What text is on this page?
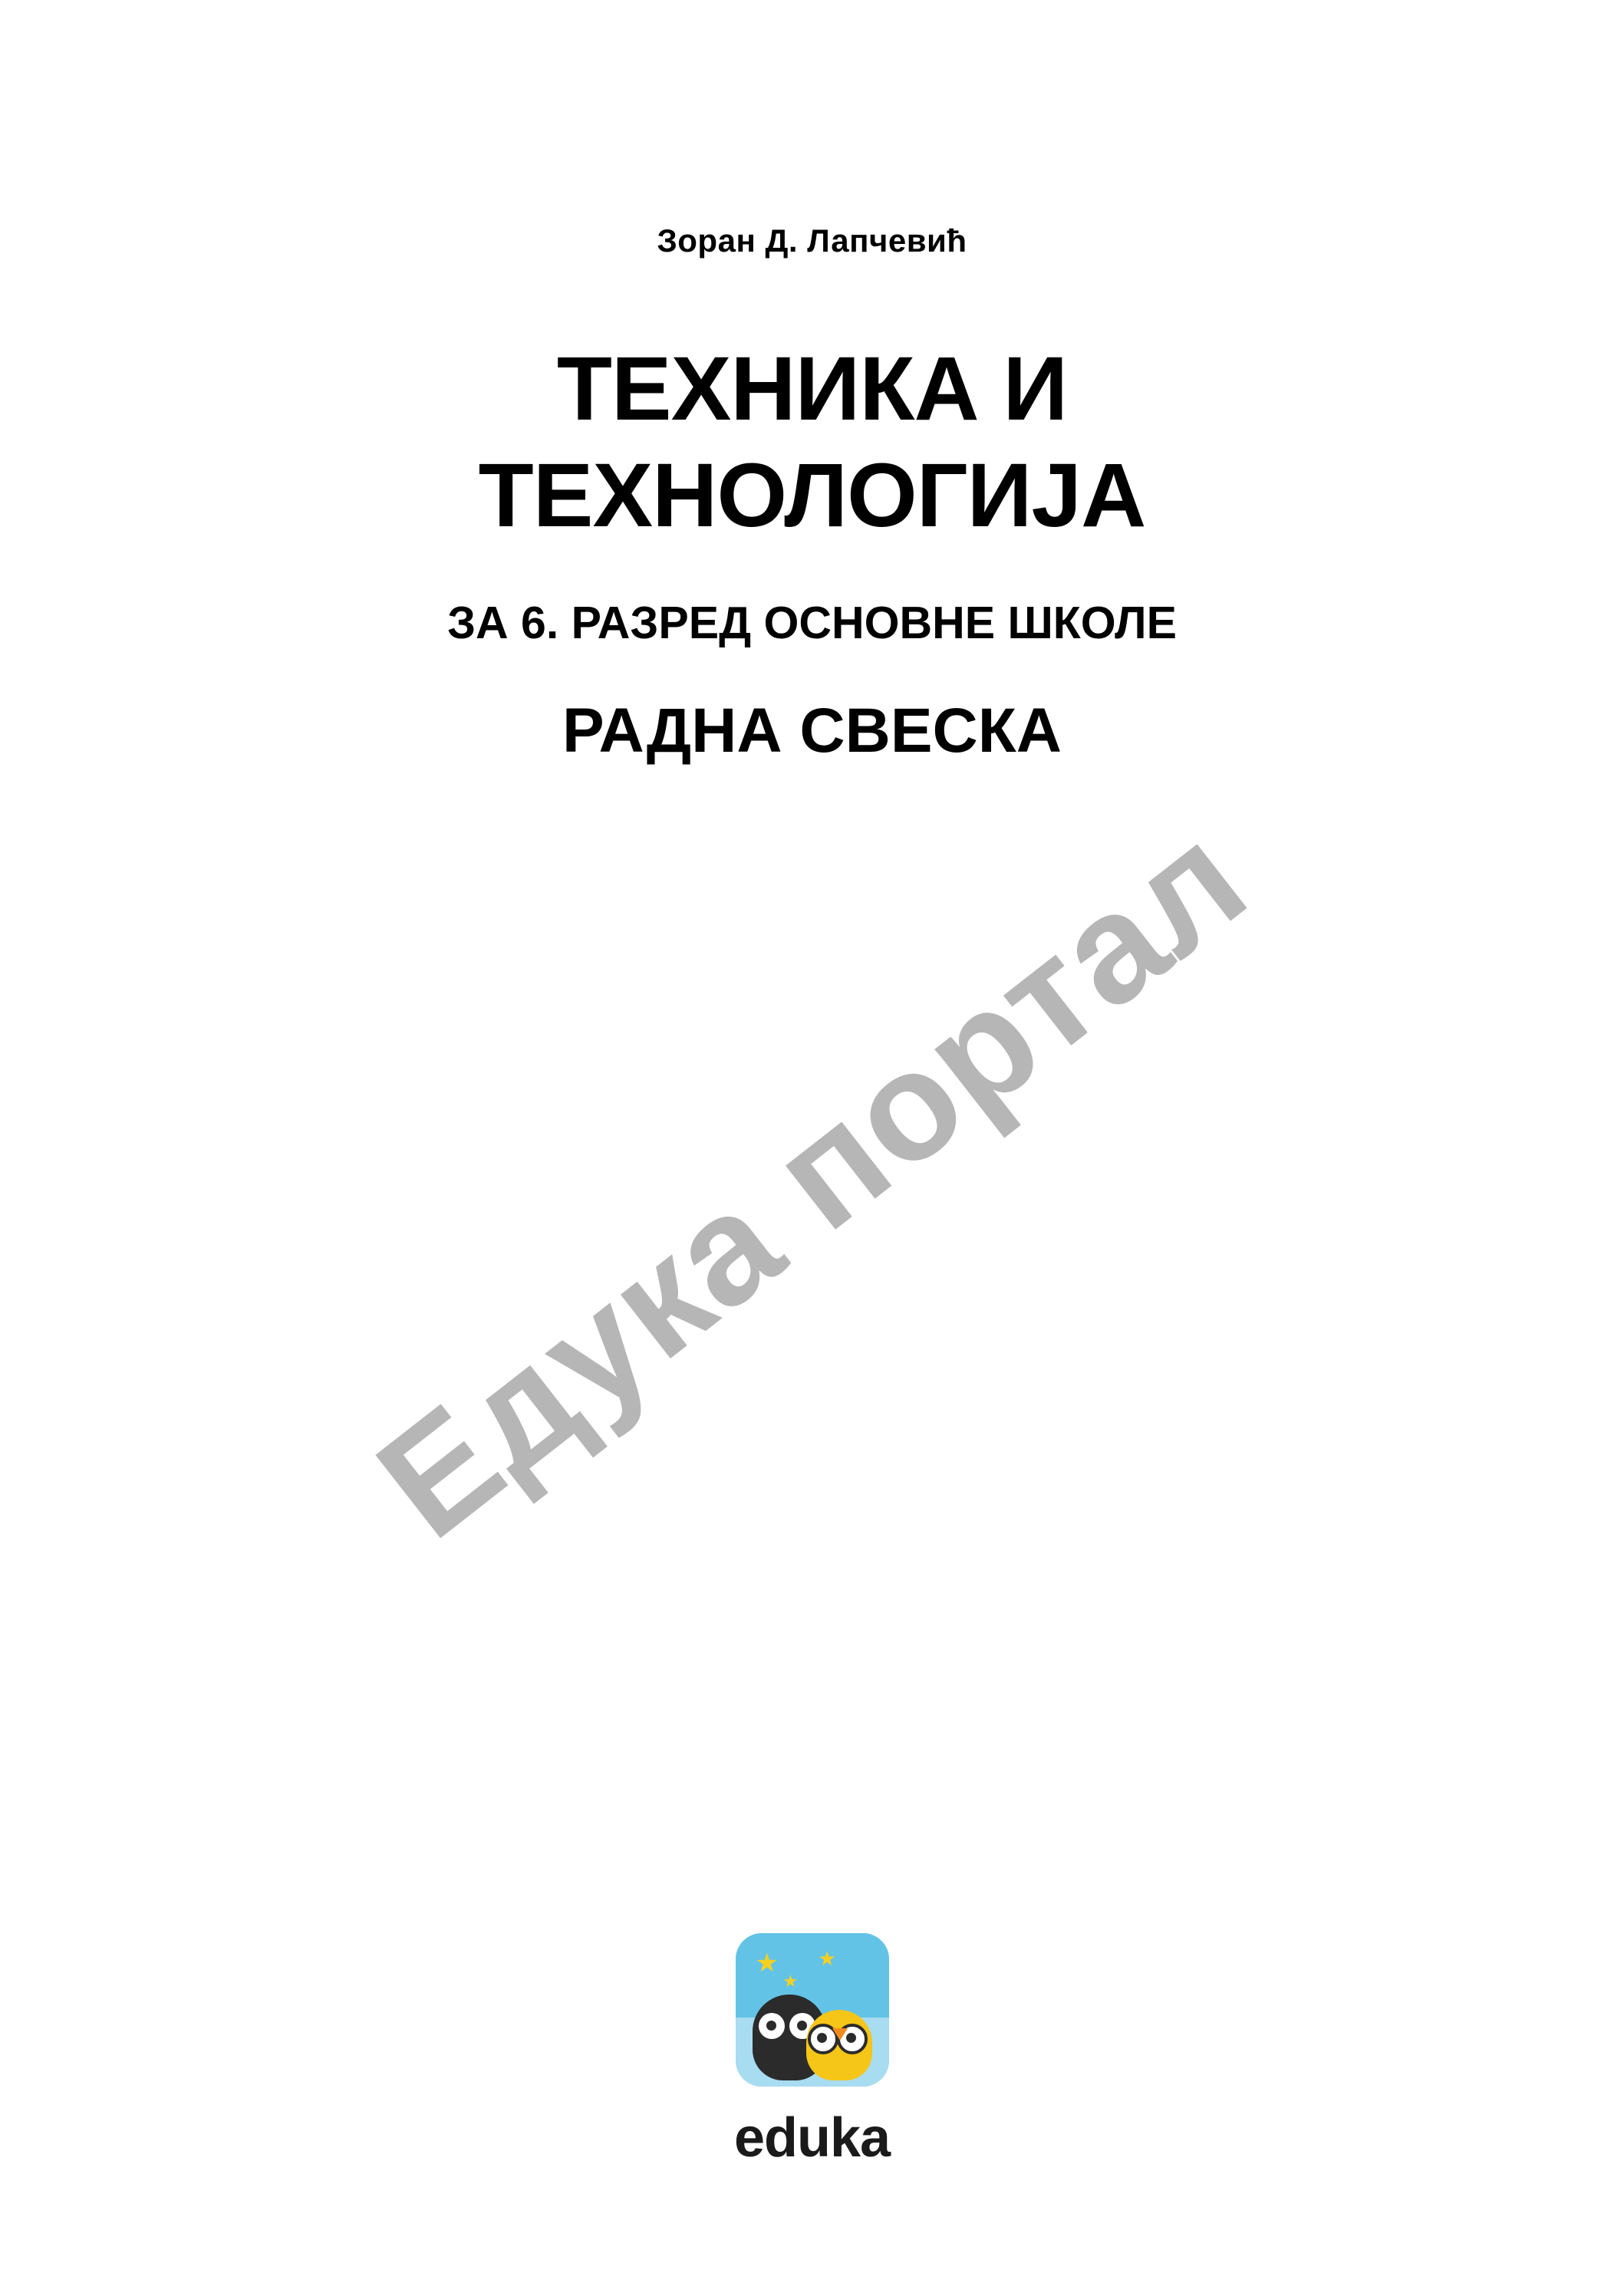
Зоран Д. Лапчевић
ТЕХНИКА И ТЕХНОЛОГИЈА
ЗА 6. РАЗРЕД ОСНОВНЕ ШКОЛЕ
РАДНА СВЕСКА
Едука портал
★
★
★
eduka
